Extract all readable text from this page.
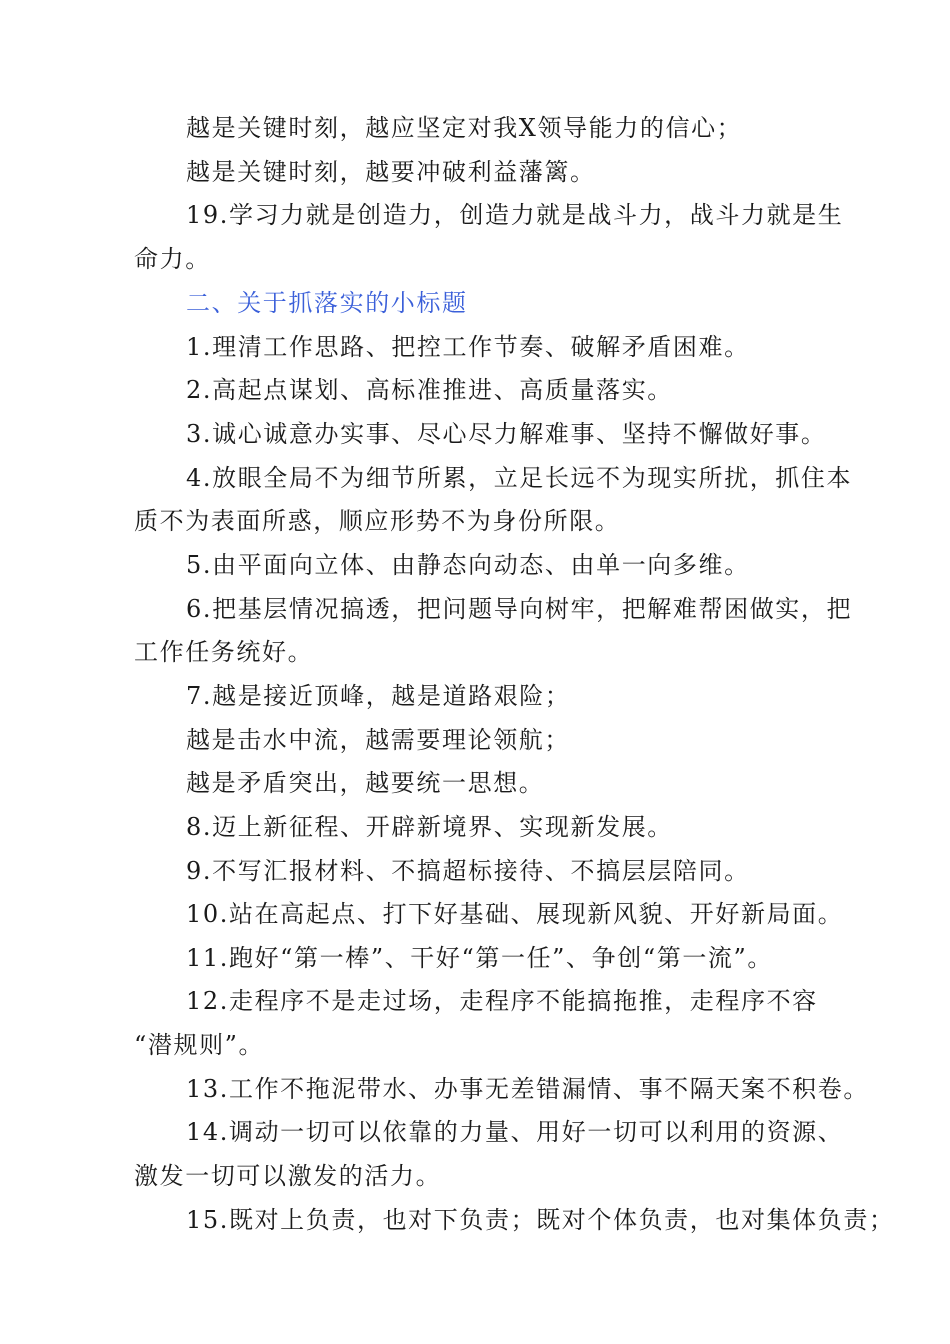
越是关键时刻，越应坚定对我X领导能力的信心；
越是关键时刻，越要冲破利益藩篱。
19.学习力就是创造力，创造力就是战斗力，战斗力就是生
命力。
二、关于抓落实的小标题
1.理清工作思路、把控工作节奏、破解矛盾困难。
2.高起点谋划、高标准推进、高质量落实。
3.诚心诚意办实事、尽心尽力解难事、坚持不懈做好事。
4.放眼全局不为细节所累，立足长远不为现实所扰，抓住本
质不为表面所惑，顺应形势不为身份所限。
5.由平面向立体、由静态向动态、由单一向多维。
6.把基层情况搞透，把问题导向树牢，把解难帮困做实，把
工作任务统好。
7.越是接近顶峰，越是道路艰险；
越是击水中流，越需要理论领航；
越是矛盾突出，越要统一思想。
8.迈上新征程、开辟新境界、实现新发展。
9.不写汇报材料、不搞超标接待、不搞层层陪同。
10.站在高起点、打下好基础、展现新风貌、开好新局面。
11.跑好“第一棒”、干好“第一任”、争创“第一流”。
12.走程序不是走过场，走程序不能搞拖推，走程序不容
“潜规则”。
13.工作不拖泥带水、办事无差错漏情、事不隔天案不积卷。
14.调动一切可以依靠的力量、用好一切可以利用的资源、
激发一切可以激发的活力。
15.既对上负责，也对下负责；既对个体负责，也对集体负责；
